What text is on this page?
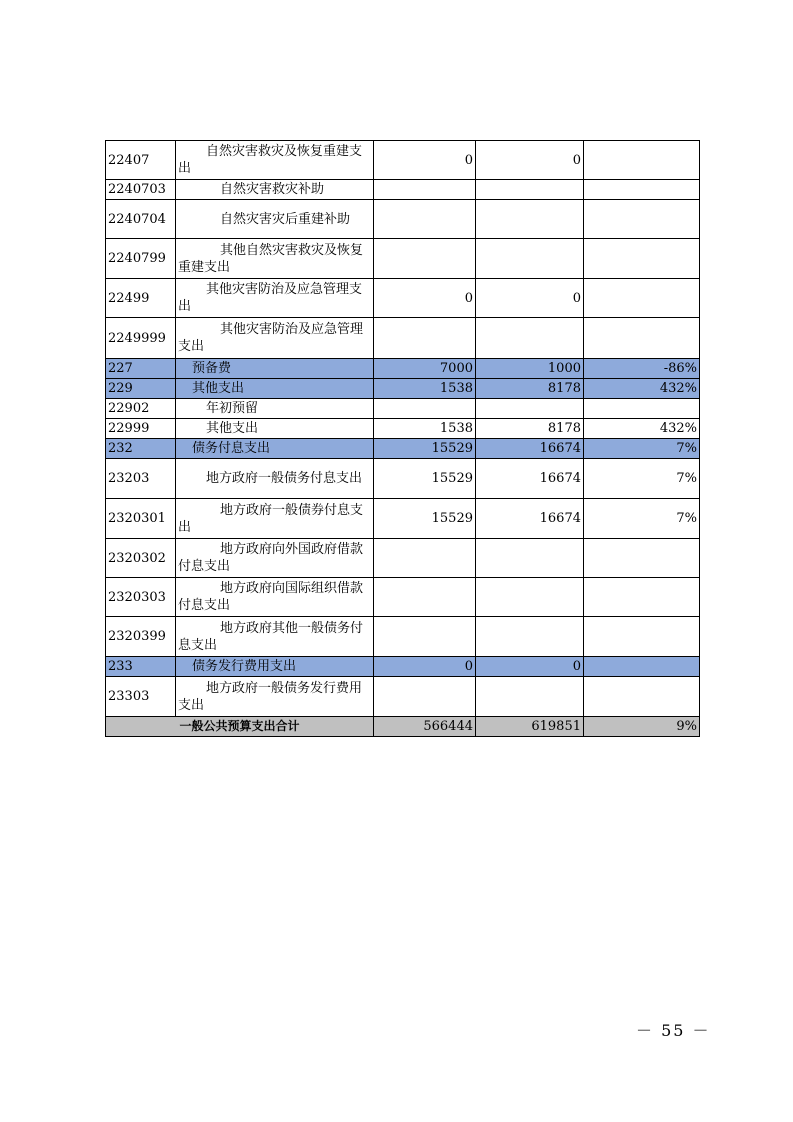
22407	自然灾害救灾及恢复重建支出	0	0	
2240703	自然灾害救灾补助			
2240704	自然灾害灾后重建补助			
2240799	其他自然灾害救灾及恢复重建支出			
22499	其他灾害防治及应急管理支出	0	0	
2249999	其他灾害防治及应急管理支出			
227	预备费	7000	1000	-86%
229	其他支出	1538	8178	432%
22902	年初预留			
22999	其他支出	1538	8178	432%
232	债务付息支出	15529	16674	7%
23203	地方政府一般债务付息支出	15529	16674	7%
2320301	地方政府一般债券付息支出	15529	16674	7%
2320302	地方政府向外国政府借款付息支出			
2320303	地方政府向国际组织借款付息支出			
2320399	地方政府其他一般债务付息支出			
233	债务发行费用支出	0	0	
23303	地方政府一般债务发行费用支出			
一般公共预算支出合计		566444	619851	9%
－ 55 －
